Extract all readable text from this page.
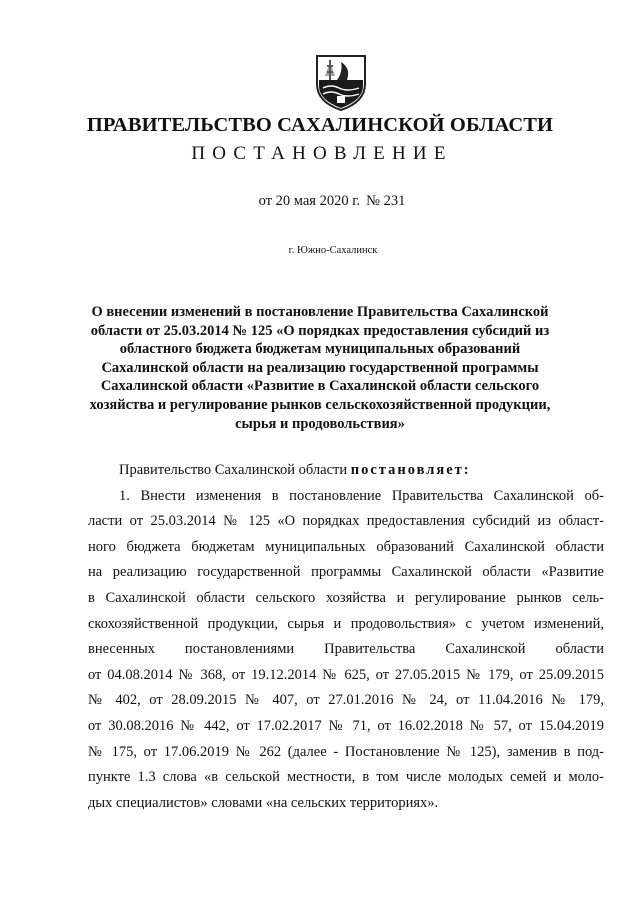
ПРАВИТЕЛЬСТВО САХАЛИНСКОЙ ОБЛАСТИ
ПОСТАНОВЛЕНИЕ
от 20 мая 2020 г. № 231
г. Южно-Сахалинск
О внесении изменений в постановление Правительства Сахалинской
области от 25.03.2014 № 125 «О порядках предоставления субсидий из
областного бюджета бюджетам муниципальных образований
Сахалинской области на реализацию государственной программы
Сахалинской области «Развитие в Сахалинской области сельского
хозяйства и регулирование рынков сельскохозяйственной продукции,
сырья и продовольствия»
Правительство Сахалинской области постановляет:
1. Внести изменения в постановление Правительства Сахалинской об-
ласти от 25.03.2014 № 125 «О порядках предоставления субсидий из област-
ного бюджета бюджетам муниципальных образований Сахалинской области
на реализацию государственной программы Сахалинской области «Развитие
в Сахалинской области сельского хозяйства и регулирование рынков сель-
скохозяйственной продукции, сырья и продовольствия» с учетом изменений,
внесенных постановлениями Правительства Сахалинской области
от 04.08.2014 № 368, от 19.12.2014 № 625, от 27.05.2015 № 179, от 25.09.2015
№ 402, от 28.09.2015 № 407, от 27.01.2016 № 24, от 11.04.2016 № 179,
от 30.08.2016 № 442, от 17.02.2017 № 71, от 16.02.2018 № 57, от 15.04.2019
№ 175, от 17.06.2019 № 262 (далее - Постановление № 125), заменив в под-
пункте 1.3 слова «в сельской местности, в том числе молодых семей и моло-
дых специалистов» словами «на сельских территориях».
